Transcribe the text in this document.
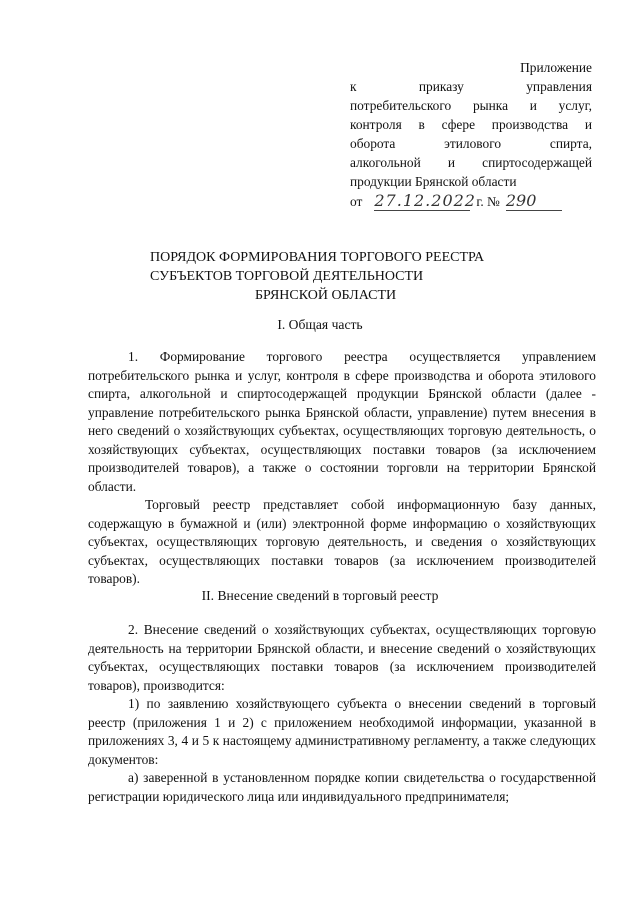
Приложение
к приказу управления
потребительского рынка и услуг,
контроля в сфере производства и
оборота этилового спирта,
алкогольной и спиртосодержащей
продукции Брянской области
от 27.12.2022 г. № 290
ПОРЯДОК ФОРМИРОВАНИЯ ТОРГОВОГО РЕЕСТРА
СУБЪЕКТОВ ТОРГОВОЙ ДЕЯТЕЛЬНОСТИ
БРЯНСКОЙ ОБЛАСТИ
I. Общая часть

1. Формирование торгового реестра осуществляется управлением потребительского рынка и услуг, контроля в сфере производства и оборота этилового спирта, алкогольной и спиртосодержащей продукции Брянской области (далее - управление потребительского рынка Брянской области, управление) путем внесения в него сведений о хозяйствующих субъектах, осуществляющих торговую деятельность, о хозяйствующих субъектах, осуществляющих поставки товаров (за исключением производителей товаров), а также о состоянии торговли на территории Брянской области.

Торговый реестр представляет собой информационную базу данных, содержащую в бумажной и (или) электронной форме информацию о хозяйствующих субъектах, осуществляющих торговую деятельность, и сведения о хозяйствующих субъектах, осуществляющих поставки товаров (за исключением производителей товаров).

II. Внесение сведений в торговый реестр

2. Внесение сведений о хозяйствующих субъектах, осуществляющих торговую деятельность на территории Брянской области, и внесение сведений о хозяйствующих субъектах, осуществляющих поставки товаров (за исключением производителей товаров), производится:

1) по заявлению хозяйствующего субъекта о внесении сведений в торговый реестр (приложения 1 и 2) с приложением необходимой информации, указанной в приложениях 3, 4 и 5 к настоящему административному регламенту, а также следующих документов:

а) заверенной в установленном порядке копии свидетельства о государственной регистрации юридического лица или индивидуального предпринимателя;
